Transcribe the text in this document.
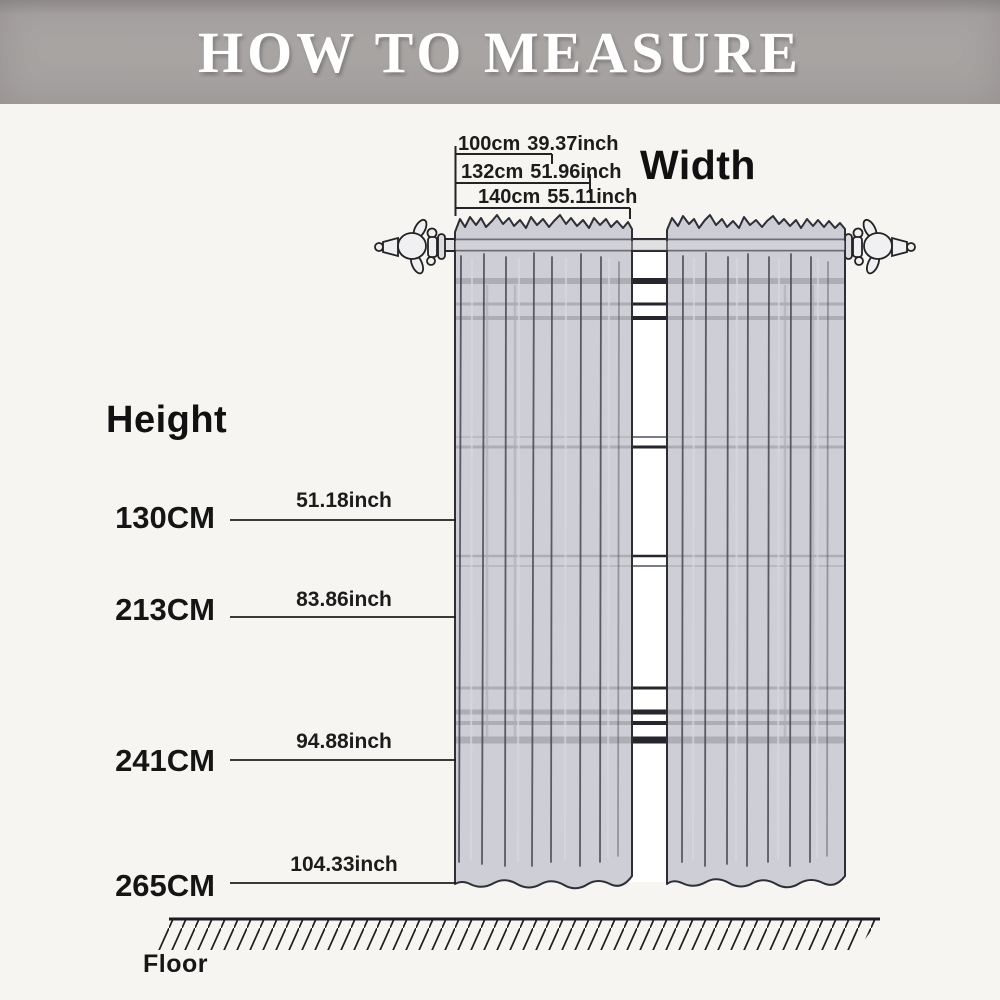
HOW TO MEASURE
100cm 39.37inch
132cm 51.96inch
140cm 55.11inch
Width
Height
130CM
213CM
241CM
265CM
51.18inch
83.86inch
94.88inch
104.33inch
Floor
